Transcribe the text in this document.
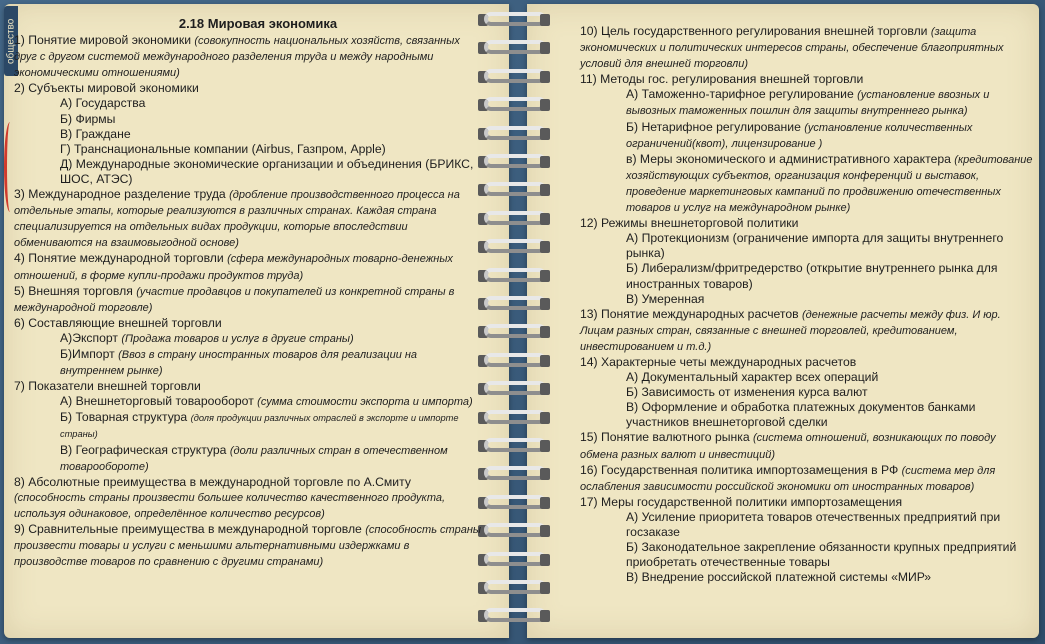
общество	2.18 Мировая экономика
1) Понятие мировой экономики (совокупность национальных хозяйств, связанных друг с другом системой международного разделения труда и между народными экономическими отношениями)
2) Субъекты мировой экономики
А) Государства
Б) Фирмы
В) Граждане
Г) Транснациональные компании (Airbus, Газпром, Apple)
Д) Международные экономические организации и объединения (БРИКС, ШОС, АТЭС)
3) Международное разделение труда (дробление производственного процесса на отдельные этапы, которые реализуются в различных странах. Каждая страна специализируется на отдельных видах продукции, которые впоследствии обмениваются на взаимовыгодной основе)
4) Понятие международной торговли (сфера международных товарно-денежных отношений, в форме купли-продажи продуктов труда)
5) Внешняя торговля (участие продавцов и покупателей из конкретной страны в международной торговле)
6) Составляющие внешней торговли
А)Экспорт (Продажа товаров и услуг в другие страны)
Б)Импорт (Ввоз в страну иностранных товаров для реализации на внутреннем рынке)
7) Показатели внешней торговли
А) Внешнеторговый товарооборот (сумма стоимости экспорта и импорта)
Б) Товарная структура (доля продукции различных отраслей в экспорте и импорте страны)
В) Географическая структура (доли различных стран в отечественном товарообороте)
8) Абсолютные преимущества в международной торговле по А.Смиту (способность страны произвести большее количество качественного продукта, используя одинаковое, определённое количество ресурсов)
9) Сравнительные преимущества в международной торговле (способность страны произвести товары и услуги с меньшими альтернативными издержками в производстве товаров по сравнению с другими странами)
10) Цель государственного регулирования внешней торговли (защита экономических и политических интересов страны, обеспечение благоприятных условий для внешней торговли)
11) Методы гос. регулирования внешней торговли
А) Таможенно-тарифное регулирование (установление ввозных и вывозных таможенных пошлин для защиты внутреннего рынка)
Б) Нетарифное регулирование (установление количественных ограничений(квот), лицензирование )
в) Меры экономического и административного характера (кредитование хозяйствующих субъектов, организация конференций и выставок, проведение маркетинговых кампаний по продвижению отечественных товаров и услуг на международном рынке)
12) Режимы внешнеторговой политики
А) Протекционизм (ограничение импорта для защиты внутреннего рынка)
Б) Либерализм/фритредерство (открытие внутреннего рынка для иностранных товаров)
В) Умеренная
13) Понятие международных расчетов (денежные расчеты между физ. И юр. Лицам разных стран, связанные с внешней торговлей, кредитованием, инвестированием и т.д.)
14) Характерные четы международных расчетов
А) Документальный характер всех операций
Б) Зависимость от изменения курса валют
В) Оформление и обработка платежных документов банками участников внешнеторговой сделки
15) Понятие валютного рынка (система отношений, возникающих по поводу обмена разных валют и инвестиций)
16) Государственная политика импортозамещения в РФ (система мер для ослабления зависимости российской экономики от иностранных товаров)
17) Меры государственной политики импортозамещения
А) Усиление приоритета товаров отечественных предприятий при госзаказе
Б) Законодательное закрепление обязанности крупных предприятий приобретать отечественные товары
В) Внедрение российской платежной системы «МИР»
